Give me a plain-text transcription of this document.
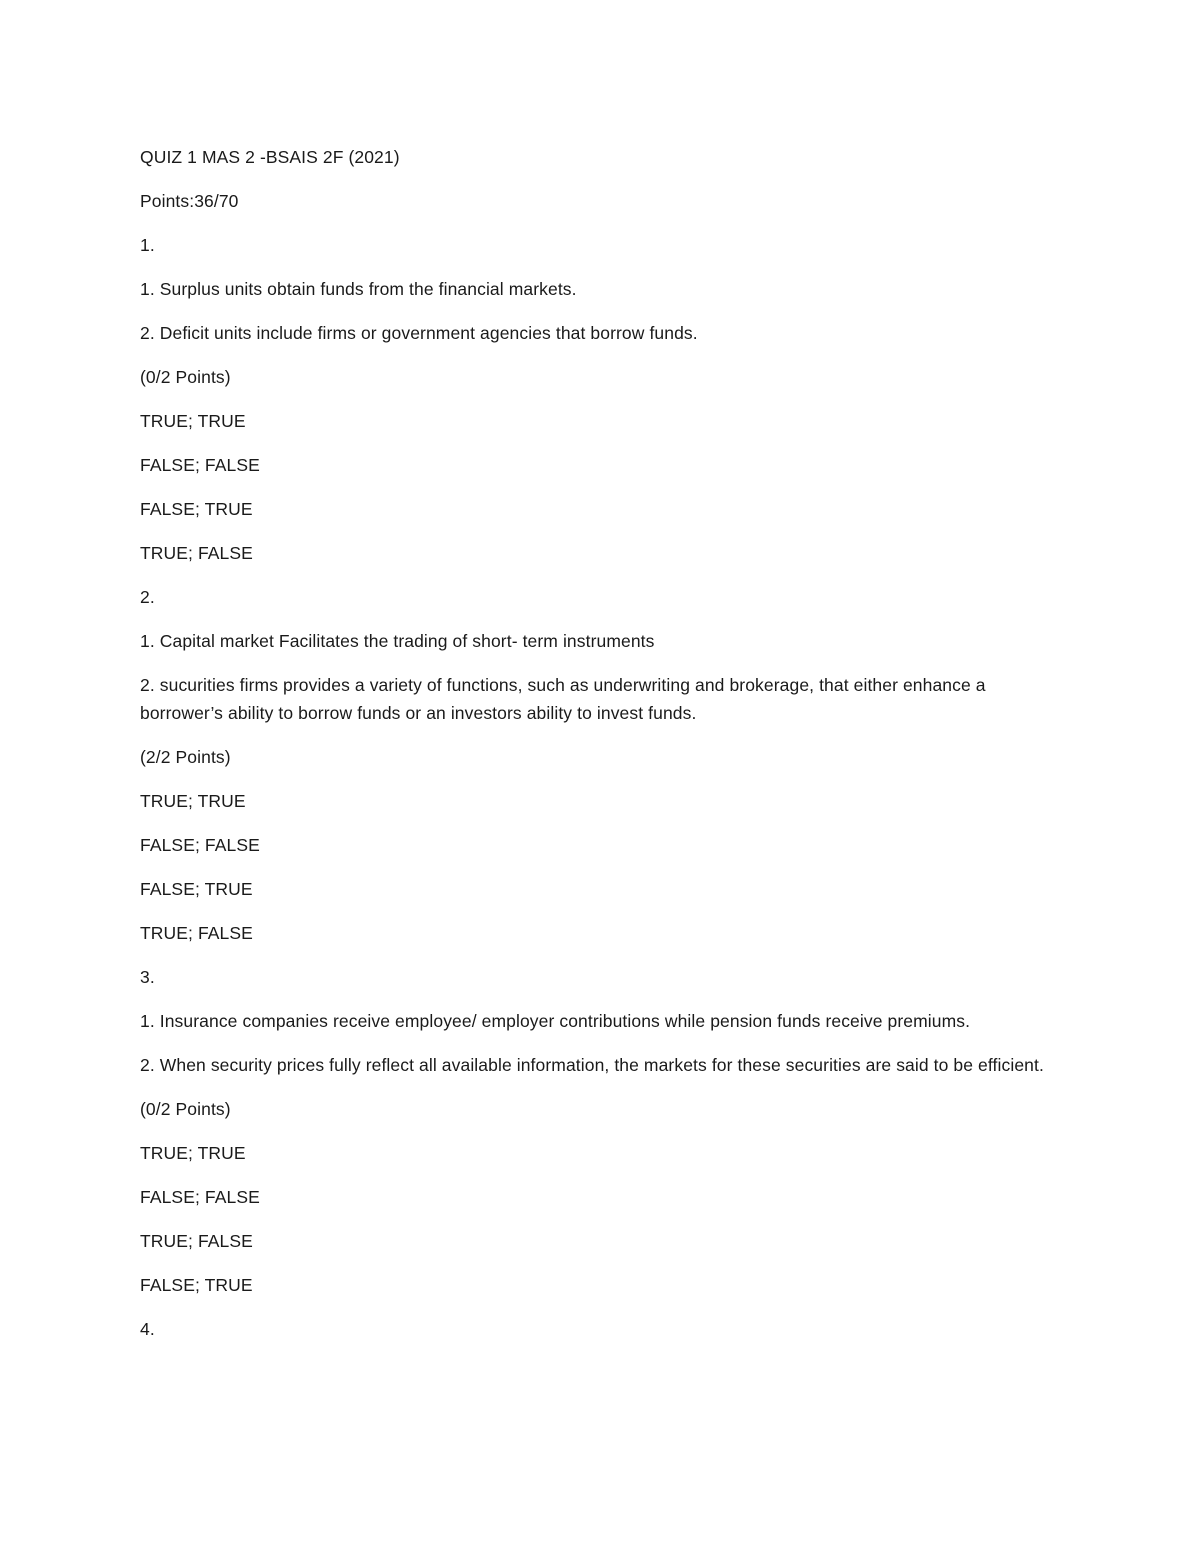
QUIZ 1 MAS 2 -BSAIS 2F (2021)

Points:36/70

1.

1. Surplus units obtain funds from the financial markets.

2. Deficit units include firms or government agencies that borrow funds.

(0/2 Points)

TRUE; TRUE

FALSE; FALSE

FALSE; TRUE

TRUE; FALSE

2.

1. Capital market Facilitates the trading of short- term instruments

2. sucurities firms provides a variety of functions, such as underwriting and brokerage, that either enhance a borrower’s ability to borrow funds or an investors ability to invest funds.

(2/2 Points)

TRUE; TRUE

FALSE; FALSE

FALSE; TRUE

TRUE; FALSE

3.

1. Insurance companies receive employee/ employer contributions while pension funds receive premiums.

2. When security prices fully reflect all available information, the markets for these securities are said to be efficient.

(0/2 Points)

TRUE; TRUE

FALSE; FALSE

TRUE; FALSE

FALSE; TRUE

4.
